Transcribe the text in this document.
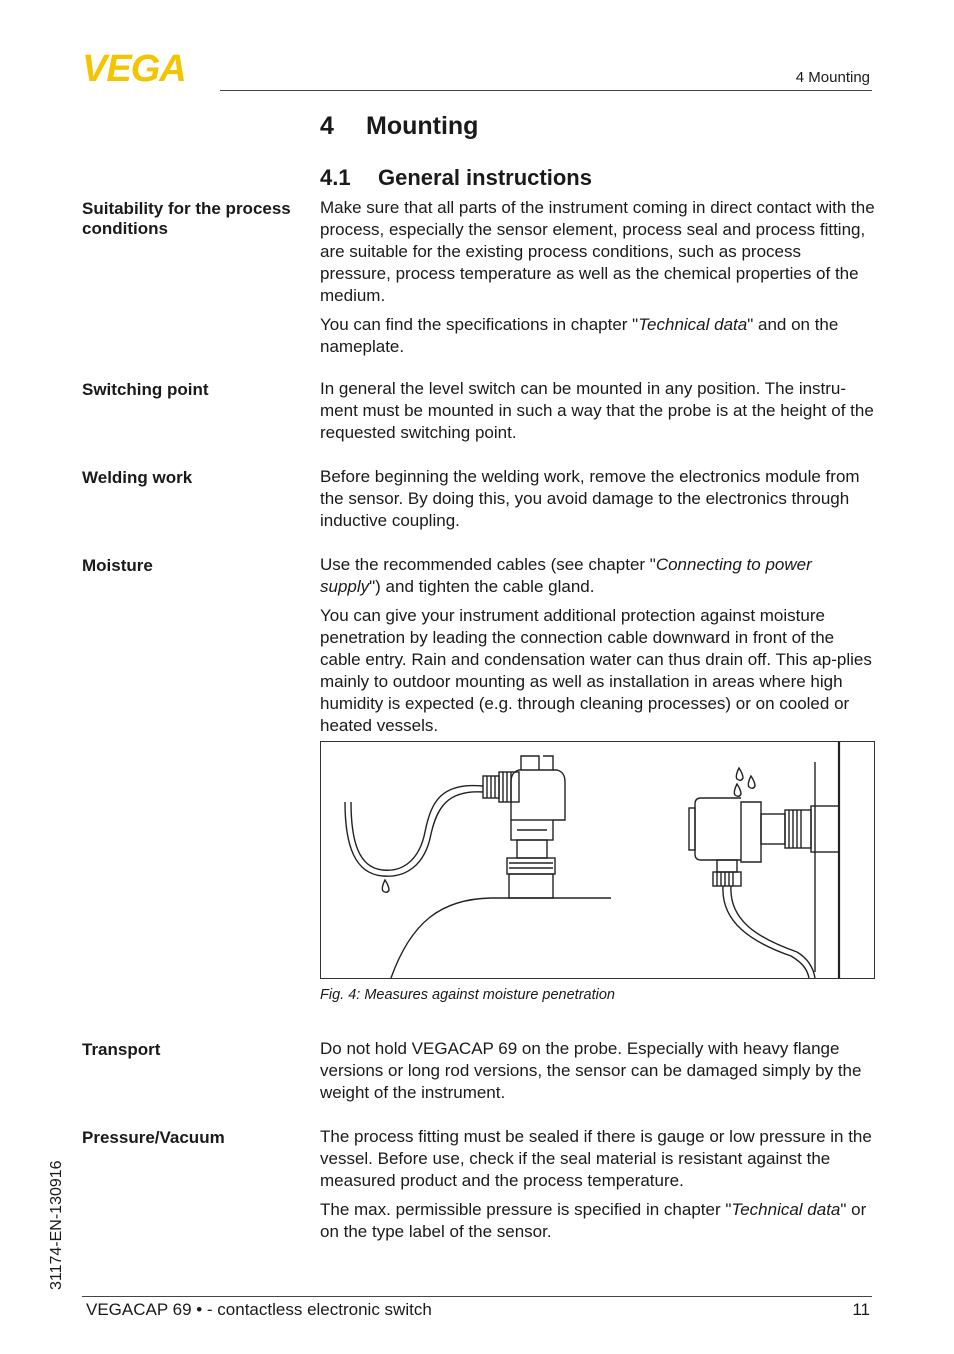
VEGA	4 Mounting
4 Mounting
4.1 General instructions
Suitability for the process conditions

Make sure that all parts of the instrument coming in direct contact with the process, especially the sensor element, process seal and process fitting, are suitable for the existing process conditions, such as process pressure, process temperature as well as the chemical properties of the medium.

You can find the specifications in chapter "Technical data" and on the nameplate.

Switching point	In general the level switch can be mounted in any position. The instru-ment must be mounted in such a way that the probe is at the height of the requested switching point.

Welding work	Before beginning the welding work, remove the electronics module from the sensor. By doing this, you avoid damage to the electronics through inductive coupling.

Moisture	Use the recommended cables (see chapter "Connecting to power supply") and tighten the cable gland.

You can give your instrument additional protection against moisture penetration by leading the connection cable downward in front of the cable entry. Rain and condensation water can thus drain off. This ap-plies mainly to outdoor mounting as well as installation in areas where high humidity is expected (e.g. through cleaning processes) or on cooled or heated vessels.

Fig. 4: Measures against moisture penetration
Transport	Do not hold VEGACAP 69 on the probe. Especially with heavy flange versions or long rod versions, the sensor can be damaged simply by the weight of the instrument.

Pressure/Vacuum	The process fitting must be sealed if there is gauge or low pressure in the vessel. Before use, check if the seal material is resistant against the measured product and the process temperature.

The max. permissible pressure is specified in chapter "Technical data" or on the type label of the sensor.

31174-EN-130916
VEGACAP 69 • - contactless electronic switch	11
